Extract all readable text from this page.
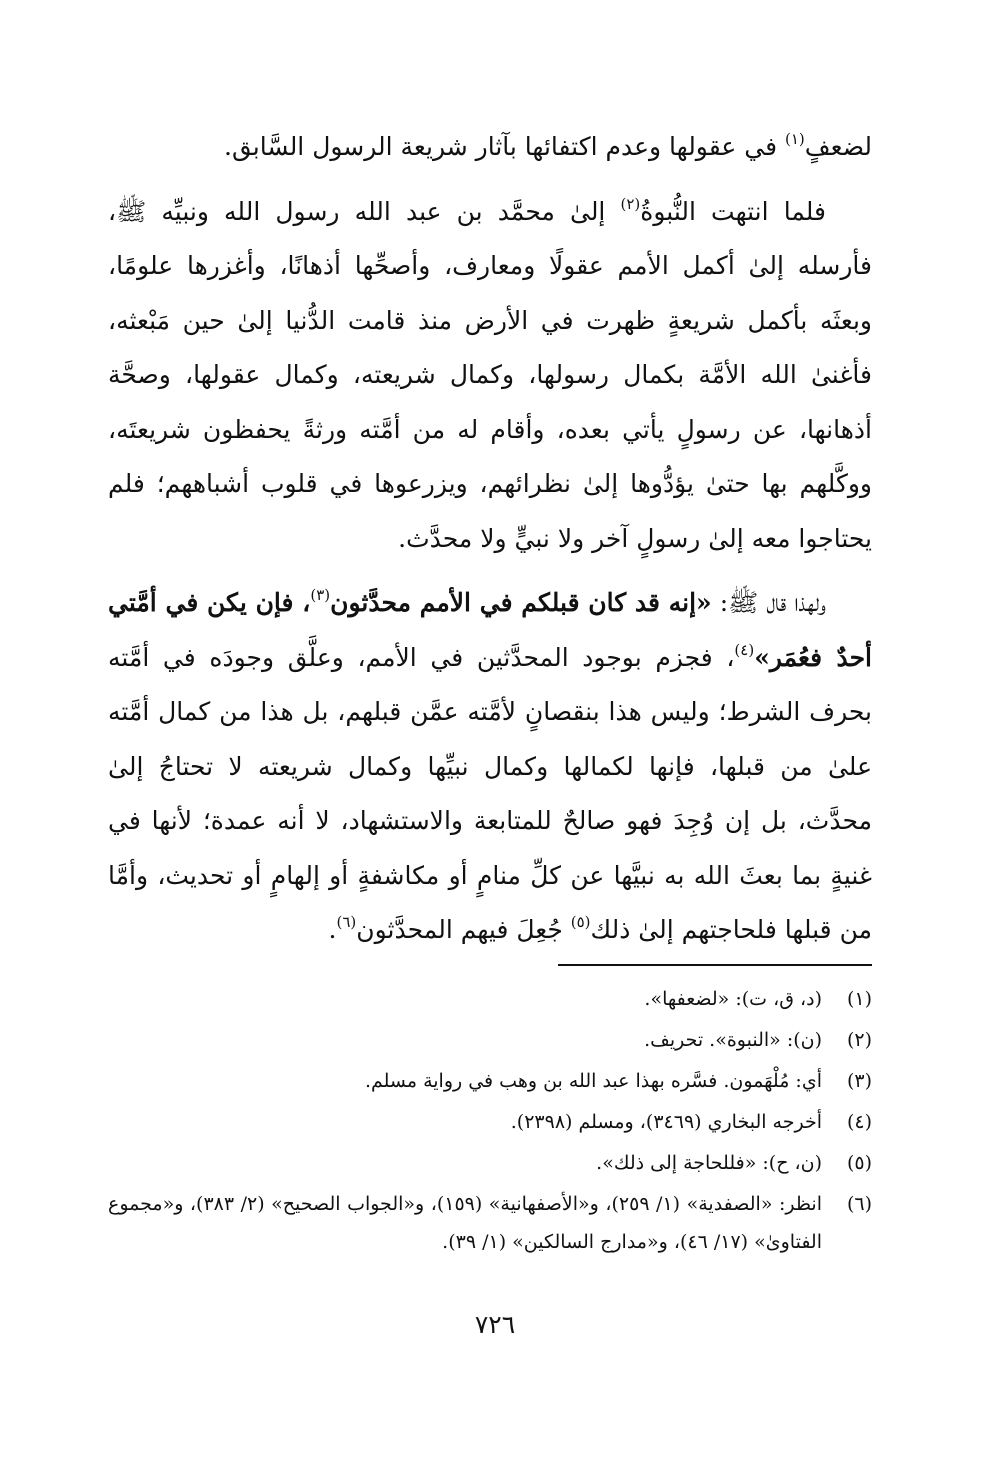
لضعفٍ$^{(١)}$ في عقولها وعدم اكتفائها بآثار شريعة الرسول السَّابق.

فلما انتهت النُّبوةُ$^{(٢)}$ إلىٰ محمَّد بن عبد الله رسول الله ونبيِّه ﷺ، فأرسله إلىٰ أكمل الأمم عقولًا ومعارف، وأصحِّها أذهانًا، وأغزرها علومًا، وبعثَه بأكمل شريعةٍ ظهرت في الأرض منذ قامت الدُّنيا إلىٰ حين مَبْعثه، فأغنىٰ الله الأمَّة بكمال رسولها، وكمال شريعته، وكمال عقولها، وصحَّة أذهانها، عن رسولٍ يأتي بعده، وأقام له من أمَّته ورثةً يحفظون شريعتَه، ووكَّلهم بها حتىٰ يؤدُّوها إلىٰ نظرائهم، ويزرعوها في قلوب أشباههم؛ فلم يحتاجوا معه إلىٰ رسولٍ آخر ولا نبيٍّ ولا محدَّث.

ولهذا قال ﷺ: «إنه قد كان قبلكم في الأمم محدَّثون$^{(٣)}$، فإن يكن في أمَّتي أحدٌ فعُمَر»$^{(٤)}$، فجزم بوجود المحدَّثين في الأمم، وعلَّق وجودَه في أمَّته بحرف الشرط؛ وليس هذا بنقصانٍ لأمَّته عمَّن قبلهم، بل هذا من كمال أمَّته علىٰ من قبلها، فإنها لكمالها وكمال نبيِّها وكمال شريعته لا تحتاجُ إلىٰ محدَّث، بل إن وُجِدَ فهو صالحٌ للمتابعة والاستشهاد، لا أنه عمدة؛ لأنها في غنيةٍ بما بعثَ الله به نبيَّها عن كلِّ منامٍ أو مكاشفةٍ أو إلهامٍ أو تحديث، وأمَّا من قبلها فلحاجتهم إلىٰ ذلك$^{(٥)}$ جُعِلَ فيهم المحدَّثون$^{(٦)}$.

(١)
(د، ق، ت): «لضعفها».
(٢)
(ن): «النبوة». تحريف.
(٣)
أي: مُلْهَمون. فسَّره بهذا عبد الله بن وهب في رواية مسلم.
(٤)
أخرجه البخاري (٣٤٦٩)، ومسلم (٢٣٩٨).
(٥)
(ن، ح): «فللحاجة إلى ذلك».
(٦)
انظر: «الصفدية» (١/ ٢٥٩)، و«الأصفهانية» (١٥٩)، و«الجواب الصحيح» (٢/ ٣٨٣)، و«مجموع الفتاوىٰ» (١٧/ ٤٦)، و«مدارج السالكين» (١/ ٣٩).
٧٢٦
